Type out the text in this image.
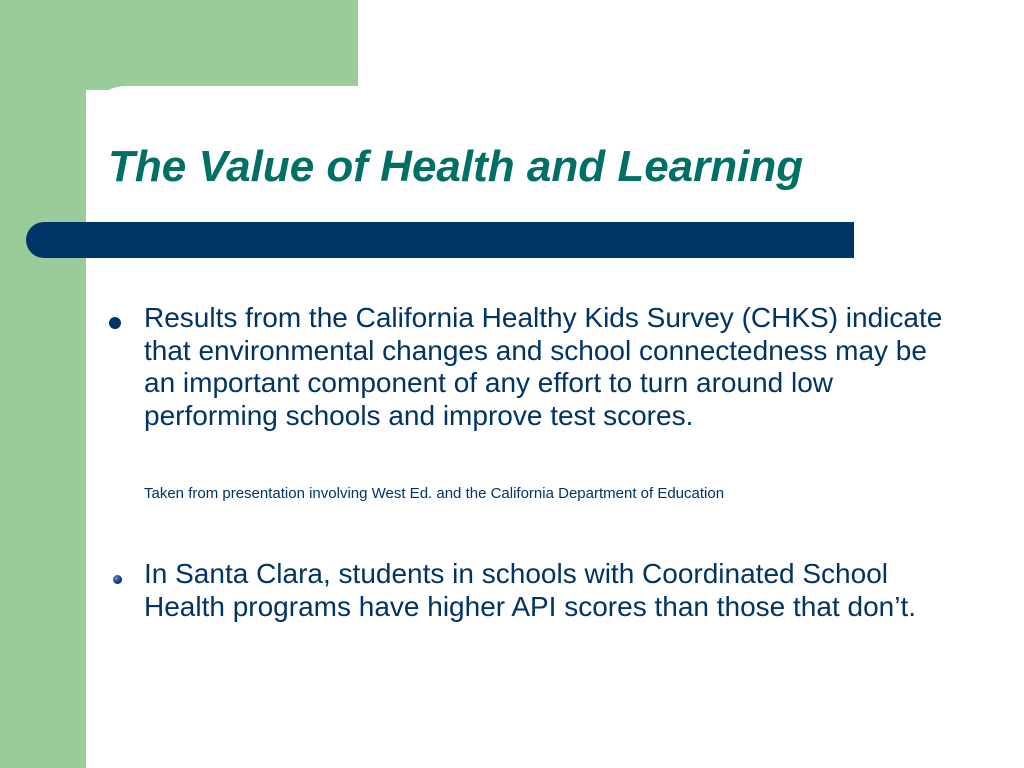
The Value of Health and Learning

Results from the California Healthy Kids Survey (CHKS) indicate that environmental changes and school connectedness may be an important component of any effort to turn around low performing schools and improve test scores.

Taken from presentation involving West Ed. and the California Department of Education

In Santa Clara, students in schools with Coordinated School Health programs have higher API scores than those that don’t.
